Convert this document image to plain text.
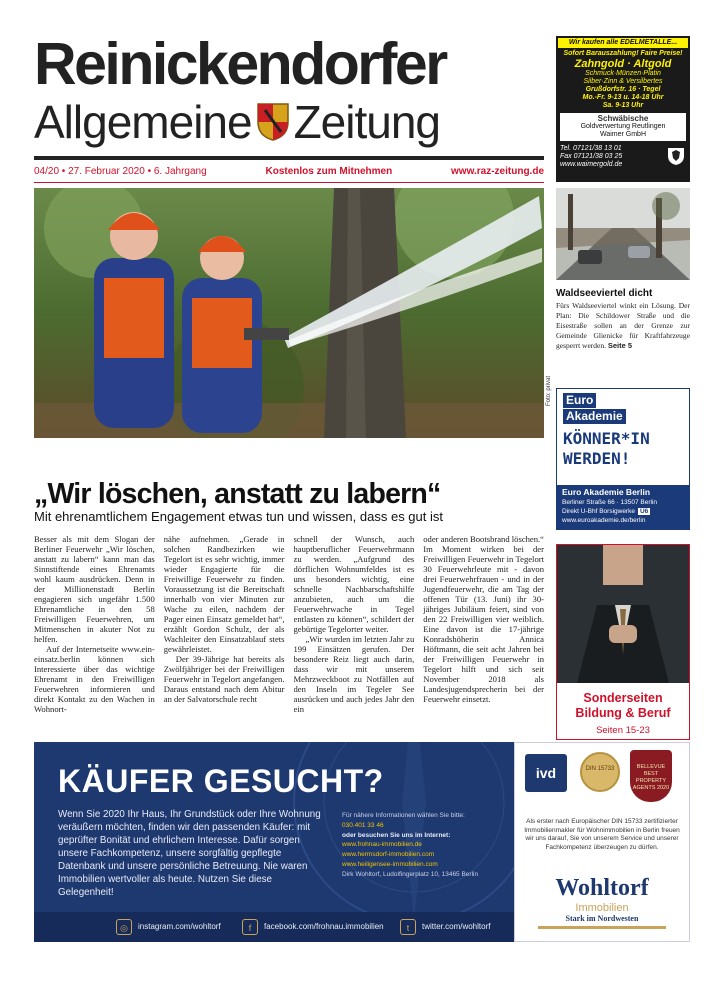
Reinickendorfer
Allgemeine Zeitung
04/20 • 27. Februar 2020 • 6. Jahrgang	Kostenlos zum Mitnehmen	www.raz-zeitung.de
Wir kaufen alle EDELMETALLE...
Sofort Barauszahlung! Faire Preise!
Zahngold · Altgold
Schmuck·Münzen·Platin
Silber·Zinn & Versilbertes
Grußdorfstr. 16 · Tegel
Mo.-Fr. 9-13 u. 14-18 Uhr
Sa. 9-13 Uhr
Schwäbische
Goldverwertung Reutlingen
Waimer GmbH
Tel. 07121/38 13 01
Fax 07121/38 03 25
www.waimergold.de
Foto: privat
Waldseeviertel dicht
Fürs Waldseeviertel winkt ein Lösung. Der Plan: Die Schildower Straße und die Eisestraße sollen an der Grenze zur Gemeinde Glienicke für Kraftfahrzeuge gesperrt werden. Seite 5
Euro
Akademie
KÖNNER*IN
WERDEN!
Euro Akademie Berlin
Berliner Straße 66 · 13507 Berlin
Direkt U-Bhf Borsigwerke U6
www.euroakademie.de/berlin
Sonderseiten
Bildung & Beruf
Seiten 15-23
„Wir löschen, anstatt zu labern“
Mit ehrenamtlichem Engagement etwas tun und wissen, dass es gut ist

Besser als mit dem Slogan der Berliner Feuerwehr „Wir löschen, anstatt zu labern“ kann man das Sinnstiftende eines Ehrenamts wohl kaum ausdrücken. Denn in der Millionenstadt Berlin engagieren sich ungefähr 1.500 Ehrenamtliche in den 58 Freiwilligen Feuerwehren, um Mitmenschen in akuter Not zu helfen.

Auf der Internetseite www.ein-einsatz.berlin können sich Interessierte über das wichtige Ehrenamt in den Freiwilligen Feuerwehren informieren und direkt Kontakt zu den Wachen in Wohnort-

nähe aufnehmen. „Gerade in solchen Randbezirken wie Tegelort ist es sehr wichtig, immer wieder Engagierte für die Freiwillige Feuerwehr zu finden. Voraussetzung ist die Bereitschaft innerhalb von vier Minuten zur Wache zu eilen, nachdem der Pager einen Einsatz gemeldet hat“, erzählt Gordon Schulz, der als Wachleiter den Einsatzablauf stets gewährleistet.

Der 39-Jährige hat bereits als Zwölfjähriger bei der Freiwilligen Feuerwehr in Tegelort angefangen. Daraus entstand nach dem Abitur an der Salvatorschule recht

schnell der Wunsch, auch hauptberuflicher Feuerwehrmann zu werden. „Aufgrund des dörflichen Wohnumfeldes ist es uns besonders wichtig, eine schnelle Nachbarschaftshilfe anzubieten, auch um die Feuerwehrwache in Tegel entlasten zu können“, schildert der gebürtige Tegelorter weiter.

„Wir wurden im letzten Jahr zu 199 Einsätzen gerufen. Der besondere Reiz liegt auch darin, dass wir mit unserem Mehrzweckboot zu Notfällen auf den Inseln im Tegeler See ausrücken und auch jedes Jahr den ein

oder anderen Bootsbrand löschen.“ Im Moment wirken bei der Freiwilligen Feuerwehr in Tegelort 30 Feuerwehrleute mit - davon drei Feuerwehrfrauen - und in der Jugendfeuerwehr, die am Tag der offenen Tür (13. Juni) ihr 30-jähriges Jubiläum feiert, sind von den 22 Freiwilligen vier weiblich. Eine davon ist die 17-jährige Konradshöherin Annica Höftmann, die seit acht Jahren bei der Freiwilligen Feuerwehr in Tegelort hilft und sich seit November 2018 als Landesjugendsprecherin bei der Feuerwehr einsetzt.

KÄUFER GESUCHT?
Wenn Sie 2020 Ihr Haus, Ihr Grundstück oder Ihre Wohnung veräußern möchten, finden wir den passenden Käufer: mit geprüfter Bonität und ehrlichem Interesse. Dafür sorgen unsere Fachkompetenz, unsere sorgfältig gepflegte Datenbank und unsere persönliche Betreuung. Nie waren Immobilien wertvoller als heute. Nutzen Sie diese Gelegenheit!
Für nähere Informationen wählen Sie bitte:
030.401 33 46
oder besuchen Sie uns im Internet:
www.frohnau-immobilien.de
www.hermsdorf-immobilien.com
www.heiligensee-immobilien.com
Dirk Wohltorf, Ludolfingerplatz 10, 13465 Berlin
◎	instagram.com/wohltorf	f	facebook.com/frohnau.immobilien	t	twitter.com/wohltorf
ivd	DIN 15733	BELLEVUE BEST PROPERTY AGENTS 2020
Als erster nach Europäischer DIN 15733 zertifizierter Immobilienmakler für Wohnimmobilien in Berlin freuen wir uns darauf, Sie von unserem Service und unserer Fachkompetenz überzeugen zu dürfen.
Wohltorf
Immobilien
Stark im Nordwesten
